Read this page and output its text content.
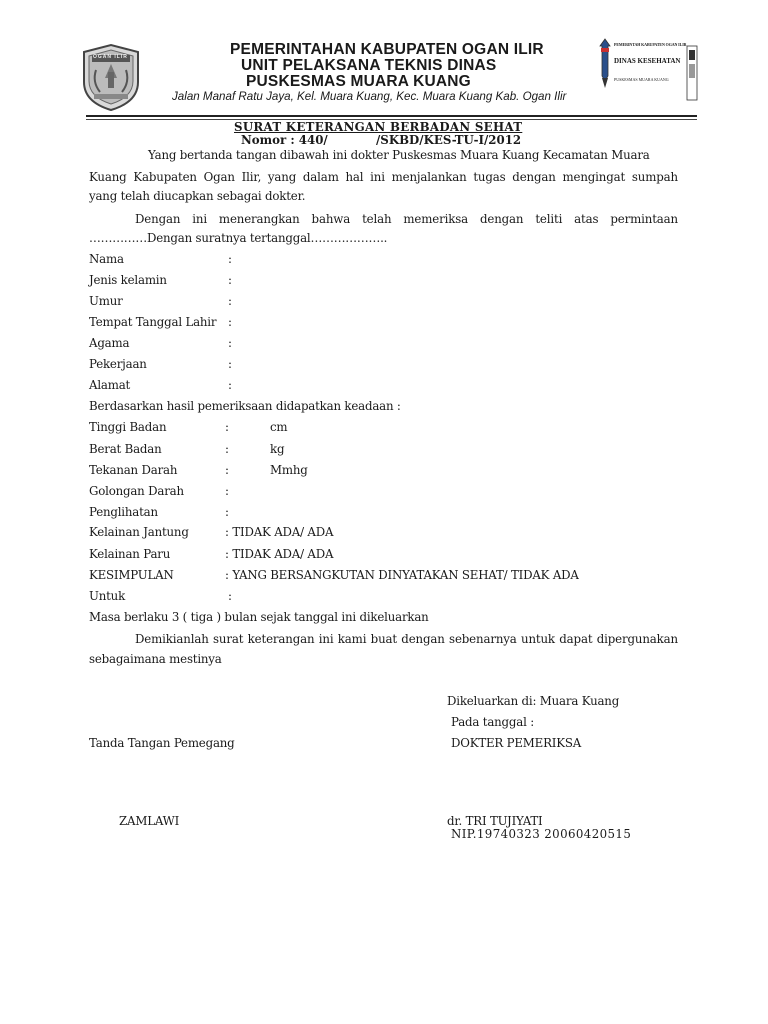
OGAN ILIR	PEMERINTAHAN KABUPATEN OGAN ILIR
UNIT PELAKSANA TEKNIS DINAS
PUSKESMAS MUARA KUANG
Jalan Manaf Ratu Jaya, Kel. Muara Kuang, Kec. Muara Kuang Kab. Ogan Ilir
PEMERINTAH KABUPATEN OGAN ILIR
DINAS KESEHATAN
PUSKESMAS MUARA KUANG
SURAT KETERANGAN BERBADAN SEHAT
Nomor : 440/	/SKBD/KES-TU-I/2012
Yang bertanda tangan dibawah ini dokter Puskesmas Muara Kuang Kecamatan Muara
Kuang Kabupaten Ogan Ilir, yang dalam hal ini menjalankan tugas dengan mengingat sumpah
yang telah diucapkan sebagai dokter.
Dengan ini menerangkan bahwa telah memeriksa dengan teliti atas permintaan
……………Dengan suratnya tertanggal………………..
Nama	:
Jenis kelamin	:
Umur	:
Tempat Tanggal Lahir :
Agama	:
Pekerjaan	:
Alamat	:
Berdasarkan hasil pemeriksaan didapatkan keadaan :
Tinggi Badan	:	cm
Berat Badan	:	kg
Tekanan Darah	:	Mmhg
Golongan Darah	:
Penglihatan	:
Kelainan Jantung	: TIDAK ADA/ ADA
Kelainan Paru	: TIDAK ADA/ ADA
KESIMPULAN	: YANG BERSANGKUTAN DINYATAKAN SEHAT/ TIDAK ADA
Untuk	:
Masa berlaku 3 ( tiga ) bulan sejak tanggal ini dikeluarkan
Demikianlah surat keterangan ini kami buat dengan sebenarnya untuk dapat dipergunakan
sebagaimana mestinya
Dikeluarkan di: Muara Kuang
Pada tanggal :
Tanda Tangan Pemegang	DOKTER PEMERIKSA
ZAMLAWI	dr. TRI TUJIYATI
NIP.19740323 20060420515
